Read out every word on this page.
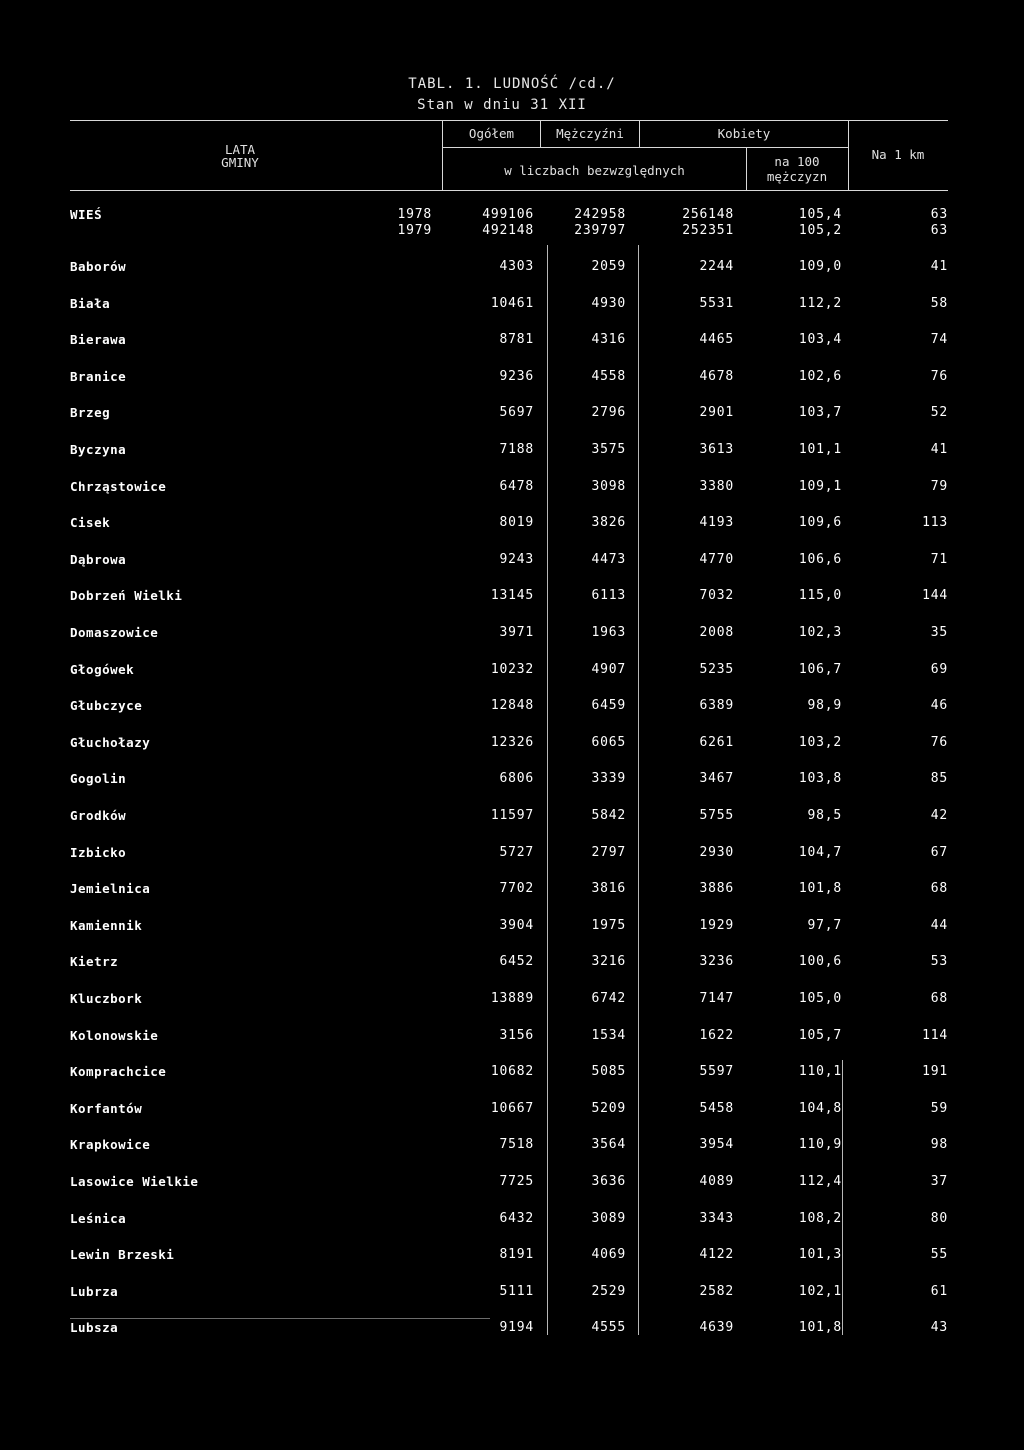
TABL. 1. LUDNOŚĆ /cd./
Stan w dniu 31 XII
LATA
GMINY
Ogółem	Mężczyźni	Kobiety
w liczbach bezwzględnych
na 100
mężczyzn
Na 1 km
WIEŚ	1978	499106	242958	256148	105,4	63
1979	492148	239797	252351	105,2	63
Baborów	4303	2059	2244	109,0	41
Biała	10461	4930	5531	112,2	58
Bierawa	8781	4316	4465	103,4	74
Branice	9236	4558	4678	102,6	76
Brzeg	5697	2796	2901	103,7	52
Byczyna	7188	3575	3613	101,1	41
Chrząstowice	6478	3098	3380	109,1	79
Cisek	8019	3826	4193	109,6	113
Dąbrowa	9243	4473	4770	106,6	71
Dobrzeń Wielki	13145	6113	7032	115,0	144
Domaszowice	3971	1963	2008	102,3	35
Głogówek	10232	4907	5235	106,7	69
Głubczyce	12848	6459	6389	98,9	46
Głuchołazy	12326	6065	6261	103,2	76
Gogolin	6806	3339	3467	103,8	85
Grodków	11597	5842	5755	98,5	42
Izbicko	5727	2797	2930	104,7	67
Jemielnica	7702	3816	3886	101,8	68
Kamiennik	3904	1975	1929	97,7	44
Kietrz	6452	3216	3236	100,6	53
Kluczbork	13889	6742	7147	105,0	68
Kolonowskie	3156	1534	1622	105,7	114
Komprachcice	10682	5085	5597	110,1	191
Korfantów	10667	5209	5458	104,8	59
Krapkowice	7518	3564	3954	110,9	98
Lasowice Wielkie	7725	3636	4089	112,4	37
Leśnica	6432	3089	3343	108,2	80
Lewin Brzeski	8191	4069	4122	101,3	55
Lubrza	5111	2529	2582	102,1	61
Lubsza	9194	4555	4639	101,8	43
